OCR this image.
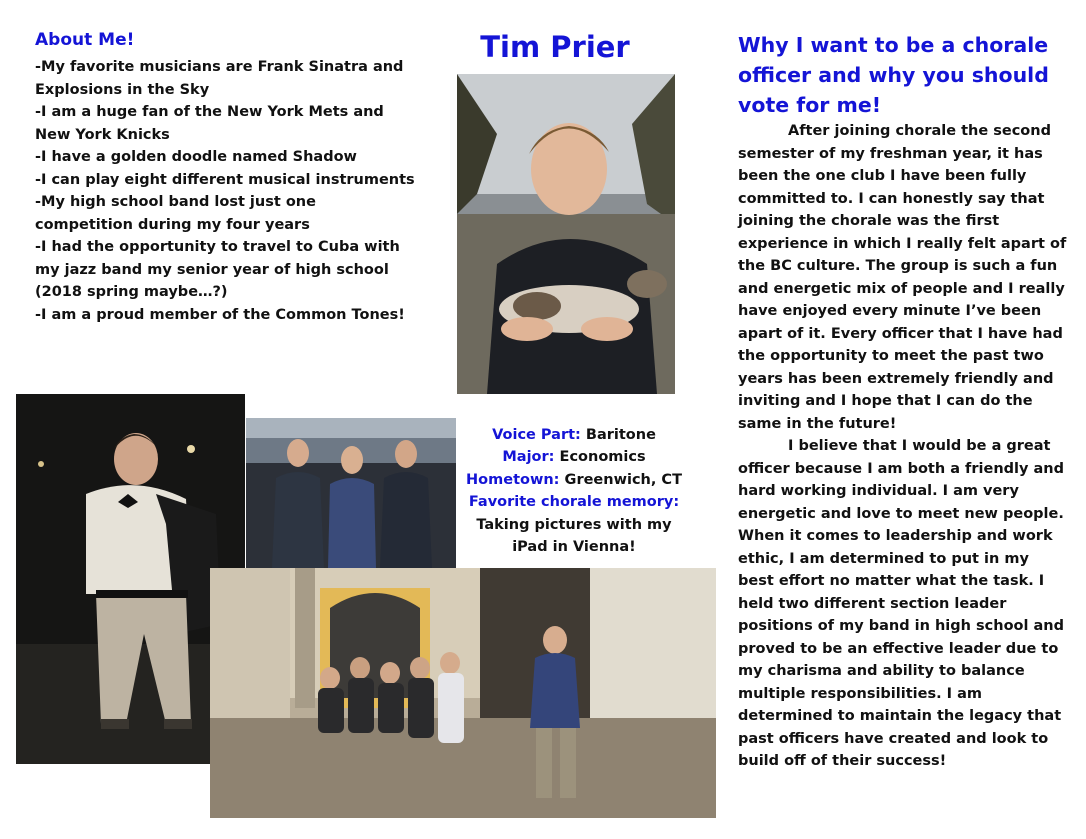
About Me!
-My favorite musicians are Frank Sinatra and Explosions in the Sky
-I am a huge fan of the New York Mets and New York Knicks
-I have a golden doodle named Shadow
-I can play eight different musical instruments
-My high school band lost just one competition during my four years
-I had the opportunity to travel to Cuba with my jazz band my senior year of high school (2018 spring maybe…?)
-I am a proud member of the Common Tones!
Tim Prier
Voice Part: Baritone
Major: Economics
Hometown: Greenwich, CT
Favorite chorale memory:
Taking pictures with my iPad in Vienna!
Why I want to be a chorale officer and why you should vote for me!

After joining chorale the second semester of my freshman year, it has been the one club I have been fully committed to. I can honestly say that joining the chorale was the first experience in which I really felt apart of the BC culture. The group is such a fun and energetic mix of people and I really have enjoyed every minute I’ve been apart of it. Every officer that I have had the opportunity to meet the past two years has been extremely friendly and inviting and I hope that I can do the same in the future!

I believe that I would be a great officer because I am both a friendly and hard working individual. I am very energetic and love to meet new people. When it comes to leadership and work ethic, I am determined to put in my best effort no matter what the task. I held two different section leader positions of my band in high school and proved to be an effective leader due to my charisma and ability to balance multiple responsibilities. I am determined to maintain the legacy that past officers have created and look to build off of their success!
